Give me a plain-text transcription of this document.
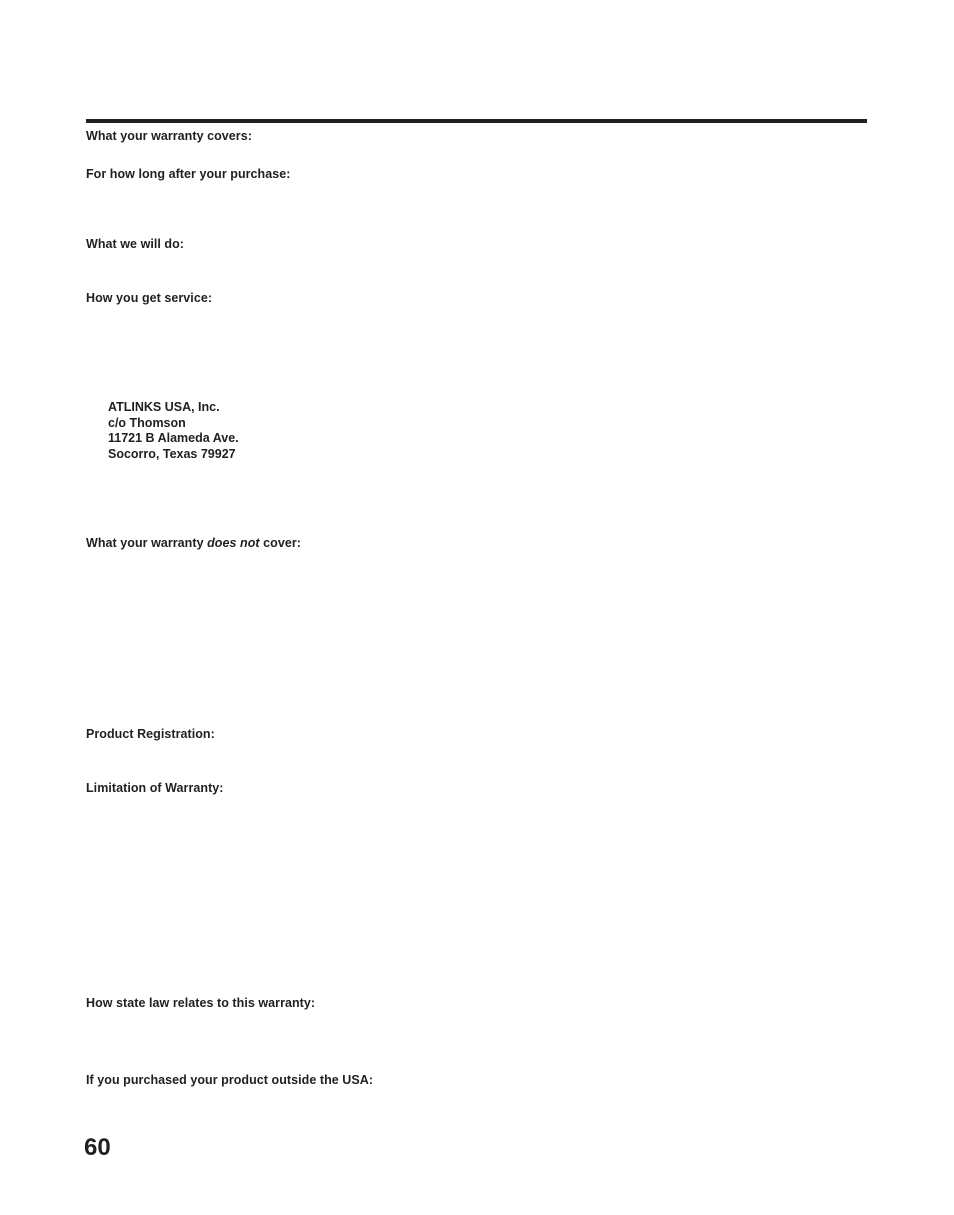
What your warranty covers:
For how long after your purchase:
What we will do:
How you get service:
ATLINKS USA, Inc.
c/o Thomson
11721 B Alameda Ave.
Socorro, Texas 79927
What your warranty does not cover:
Product Registration:
Limitation of Warranty:
How state law relates to this warranty:
If you purchased your product outside the USA:
60
